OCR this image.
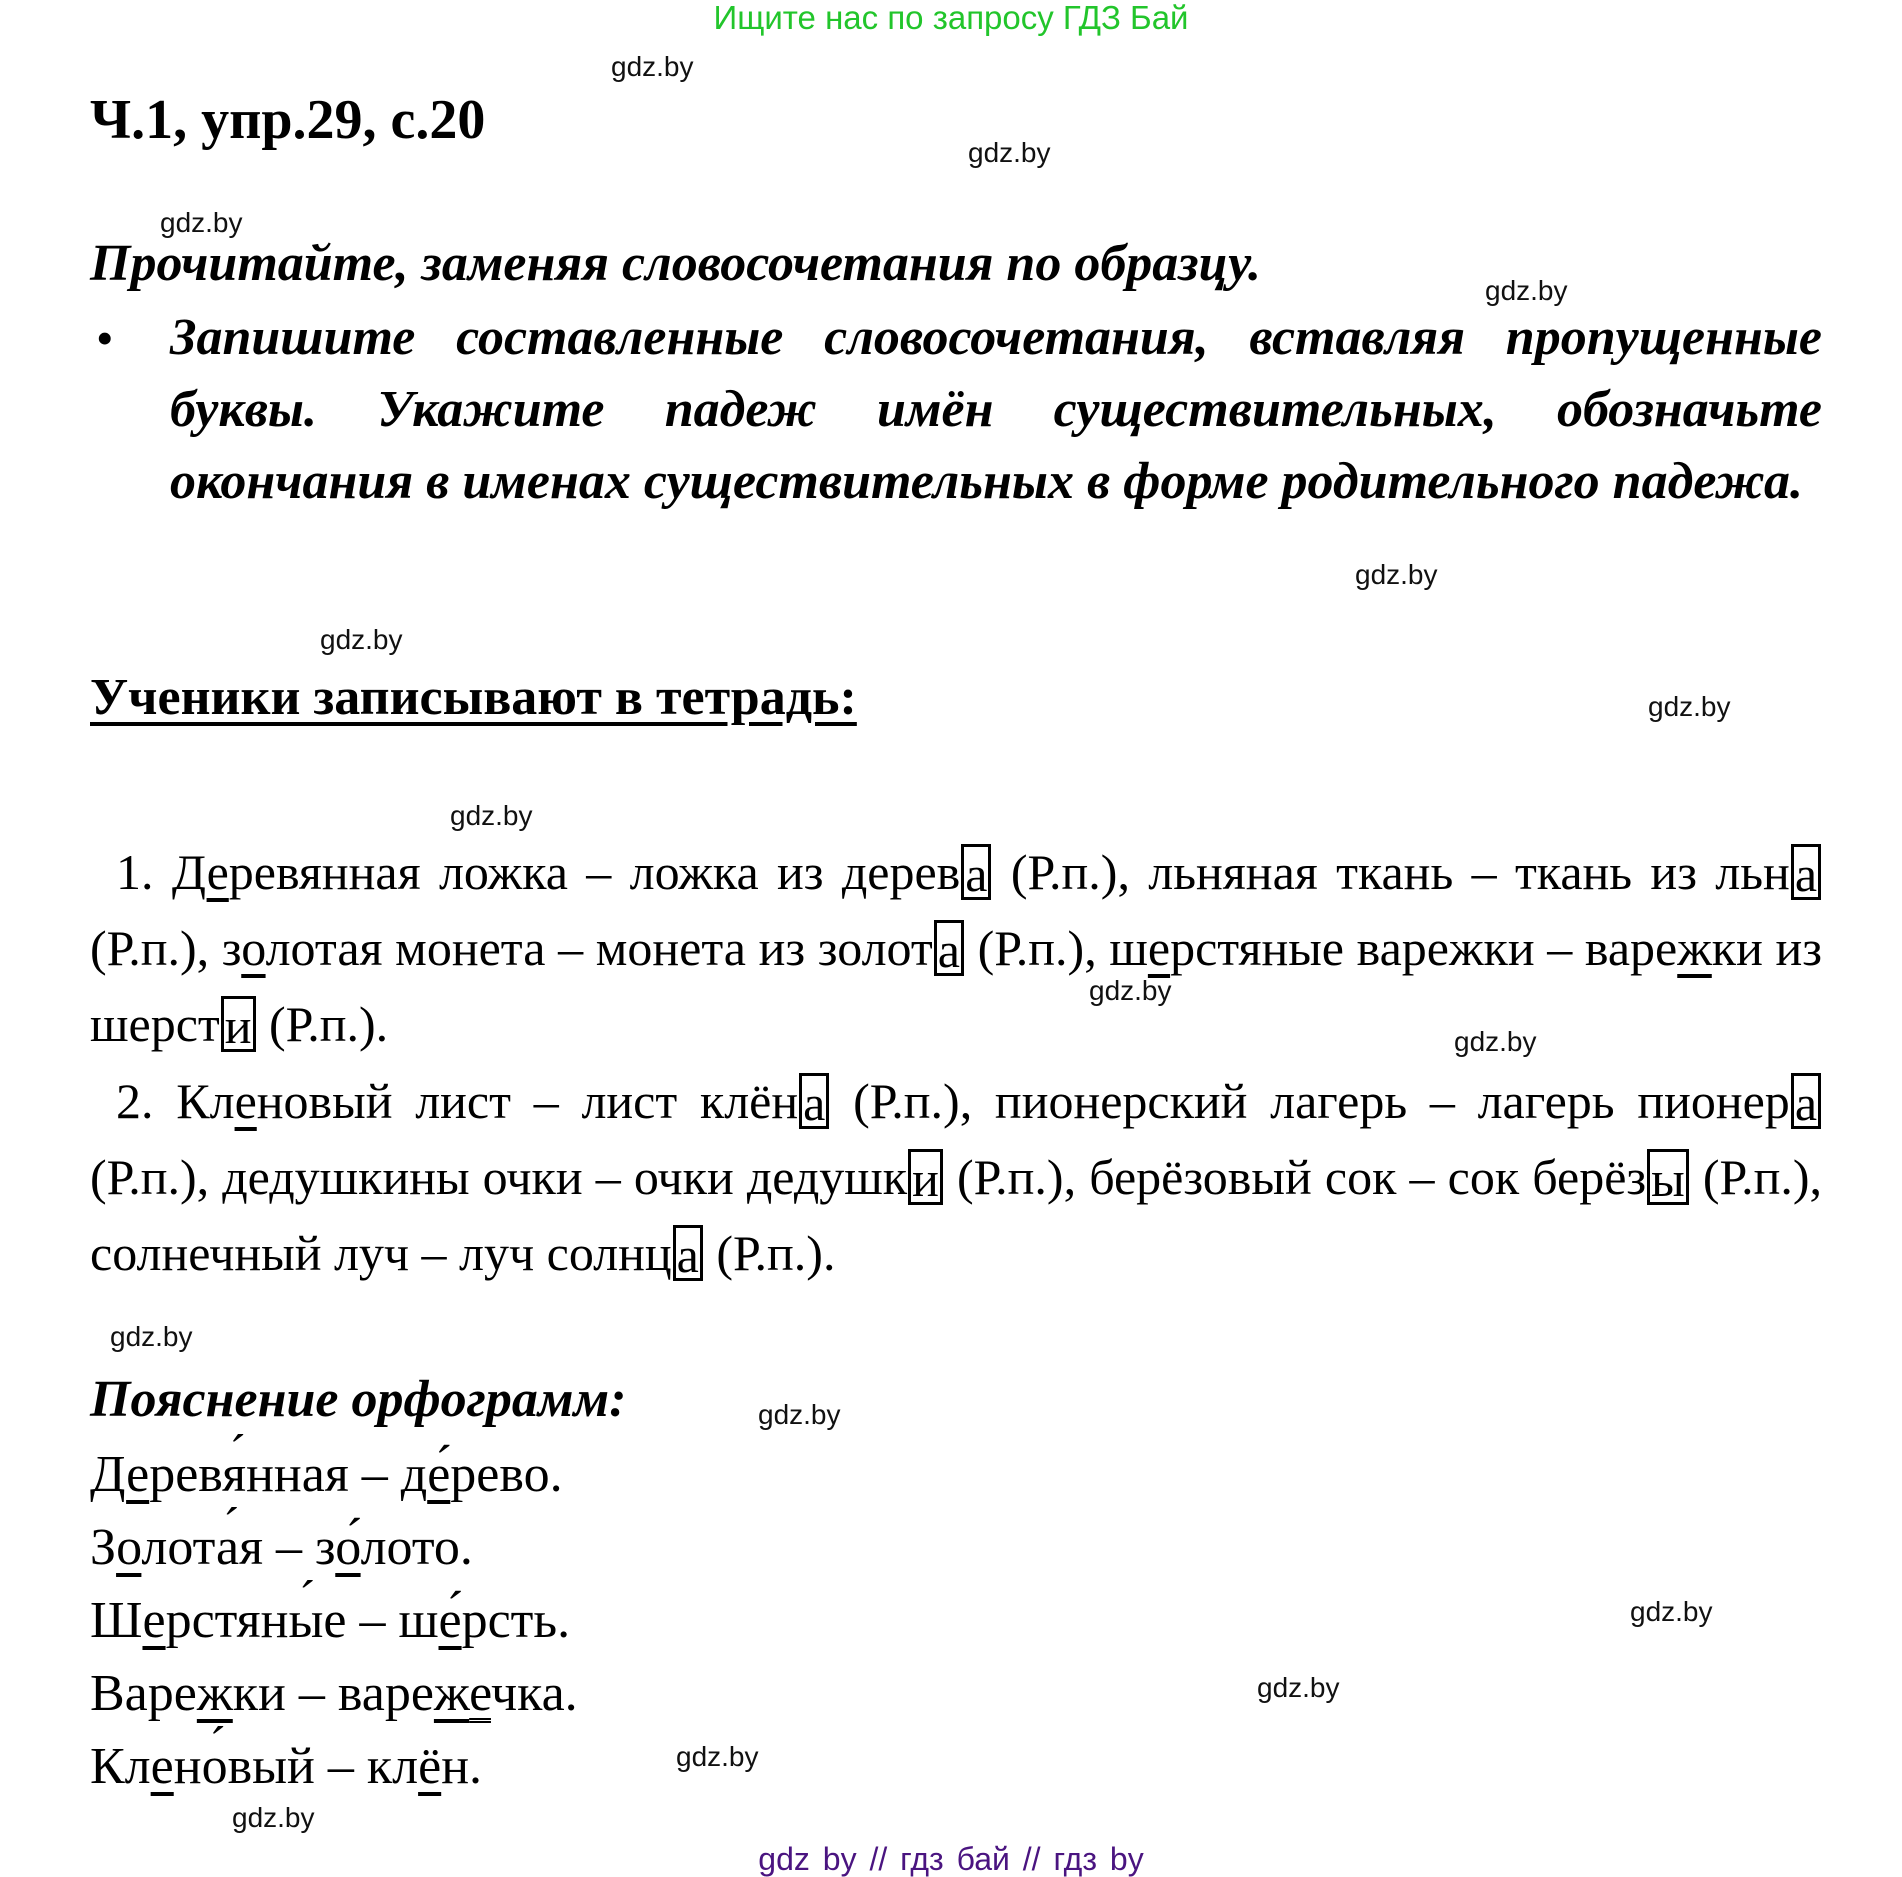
Ищите нас по запросу ГДЗ Бай
gdz.by
gdz.by
gdz.by
gdz.by
gdz.by
gdz.by
gdz.by
gdz.by
gdz.by
gdz.by
gdz.by
gdz.by
gdz.by
gdz.by
gdz.by
gdz.by
Ч.1, упр.29, с.20
Прочитайте, заменяя словосочетания по образцу.
•	Запишите составленные словосочетания, вставляя пропущенные буквы. Укажите падеж имён существительных, обозначьте окончания в именах существительных в форме родительного падежа.
Ученики записывают в тетрадь:
1. Деревянная ложка – ложка из дерев а (Р.п.), льняная ткань – ткань из льн а (Р.п.), золотая монета – монета из золот а (Р.п.), шерстяные варежки – варежки из шерст и (Р.п.).
2. Кленовый лист – лист клён а (Р.п.), пионерский лагерь – лагерь пионер а (Р.п.), дедушкины очки – очки дедушк и (Р.п.), берёзовый сок – сок берёз ы (Р.п.), солнечный луч – луч солнц а (Р.п.).
Пояснение орфограмм:
Деревя ´нная – де́рево.
Золота ´я – зо́лото.
Шерстяны ´е – ше́рсть.
Варежки – варежечка.
Клено ´вый – клён.
gdz by // гдз бай // гдз by
